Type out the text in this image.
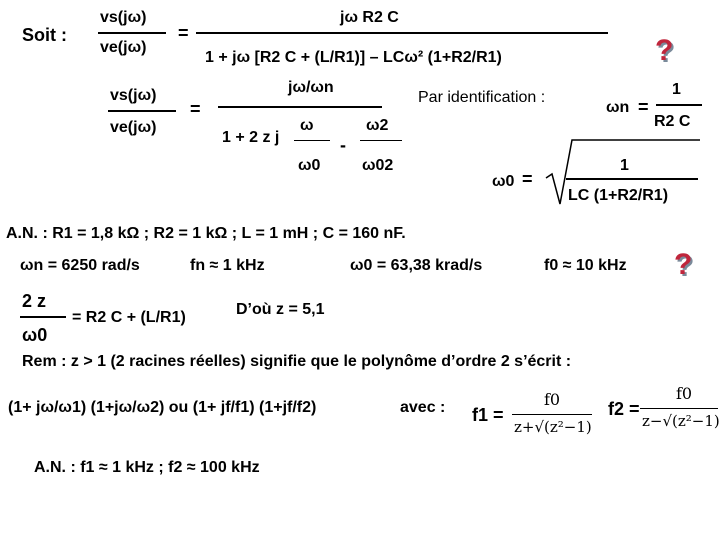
Soit :
vs(jω)
ve(jω)
=
jω R2 C
1 + jω [R2 C + (L/R1)] – LCω² (1+R2/R1)	?
vs(jω)
ve(jω)
=
jω/ωn
1 + 2 z j
ω
ω0
-
ω2
ω02
Par identification :
ωn =
1
R2 C
ω0 =
1
LC (1+R2/R1)
A.N. : R1 = 1,8 kΩ ; R2 = 1 kΩ ; L = 1 mH ; C = 160 nF.
ωn = 6250 rad/s	fn ≈ 1 kHz	ω0 = 63,38 krad/s	f0 ≈ 10 kHz ?
2 z
ω0
= R2 C + (L/R1)	D’où z = 5,1
Rem : z > 1 (2 racines réelles) signifie que le polynôme d’ordre 2 s’écrit :
(1+ jω/ω1) (1+jω/ω2) ou (1+ jf/f1) (1+jf/f2)	avec : f1 =
f0
z+√(z²−1)
f2 =
f0
z−√(z²−1)
A.N. : f1 ≈ 1 kHz ; f2 ≈ 100 kHz
